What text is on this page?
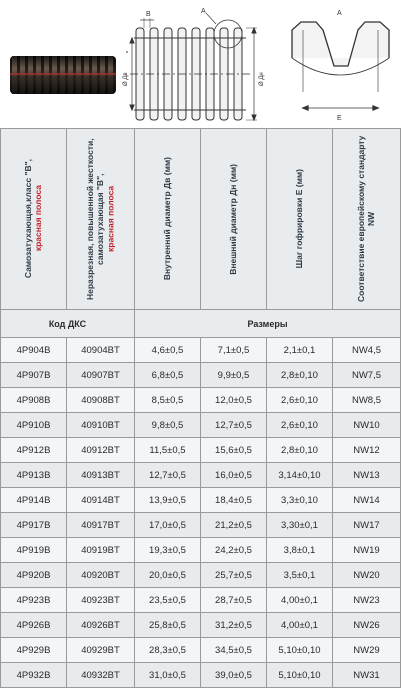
B	A
Ø Дв	Ø Дн
A
E
Самозатухающая,класс "В",
красная полоса	Неразрезная, повышенной жесткости, самозатухающая "В",
красная полоса	Внутренний диаметр Дв (мм)	Внешний диаметр Дн (мм)	Шаг гофрировки E (мм)	Соответствие европейскому стандарту NW

Код ДКС		Размеры			
4P904B	40904BT	4,6±0,5	7,1±0,5	2,1±0,1	NW4,5
4P907B	40907BT	6,8±0,5	9,9±0,5	2,8±0,10	NW7,5
4P908B	40908BT	8,5±0,5	12,0±0,5	2,6±0,10	NW8,5
4P910B	40910BT	9,8±0,5	12,7±0,5	2,6±0,10	NW10
4P912B	40912BT	11,5±0,5	15,6±0,5	2,8±0,10	NW12
4P913B	40913BT	12,7±0,5	16,0±0,5	3,14±0,10	NW13
4P914B	40914BT	13,9±0,5	18,4±0,5	3,3±0,10	NW14
4P917B	40917BT	17,0±0,5	21,2±0,5	3,30±0,1	NW17
4P919B	40919BT	19,3±0,5	24,2±0,5	3,8±0,1	NW19
4P920B	40920BT	20,0±0,5	25,7±0,5	3,5±0,1	NW20
4P923B	40923BT	23,5±0,5	28,7±0,5	4,00±0,1	NW23
4P926B	40926BT	25,8±0,5	31,2±0,5	4,00±0,1	NW26
4P929B	40929BT	28,3±0,5	34,5±0,5	5,10±0,10	NW29
4P932B	40932BT	31,0±0,5	39,0±0,5	5,10±0,10	NW31
